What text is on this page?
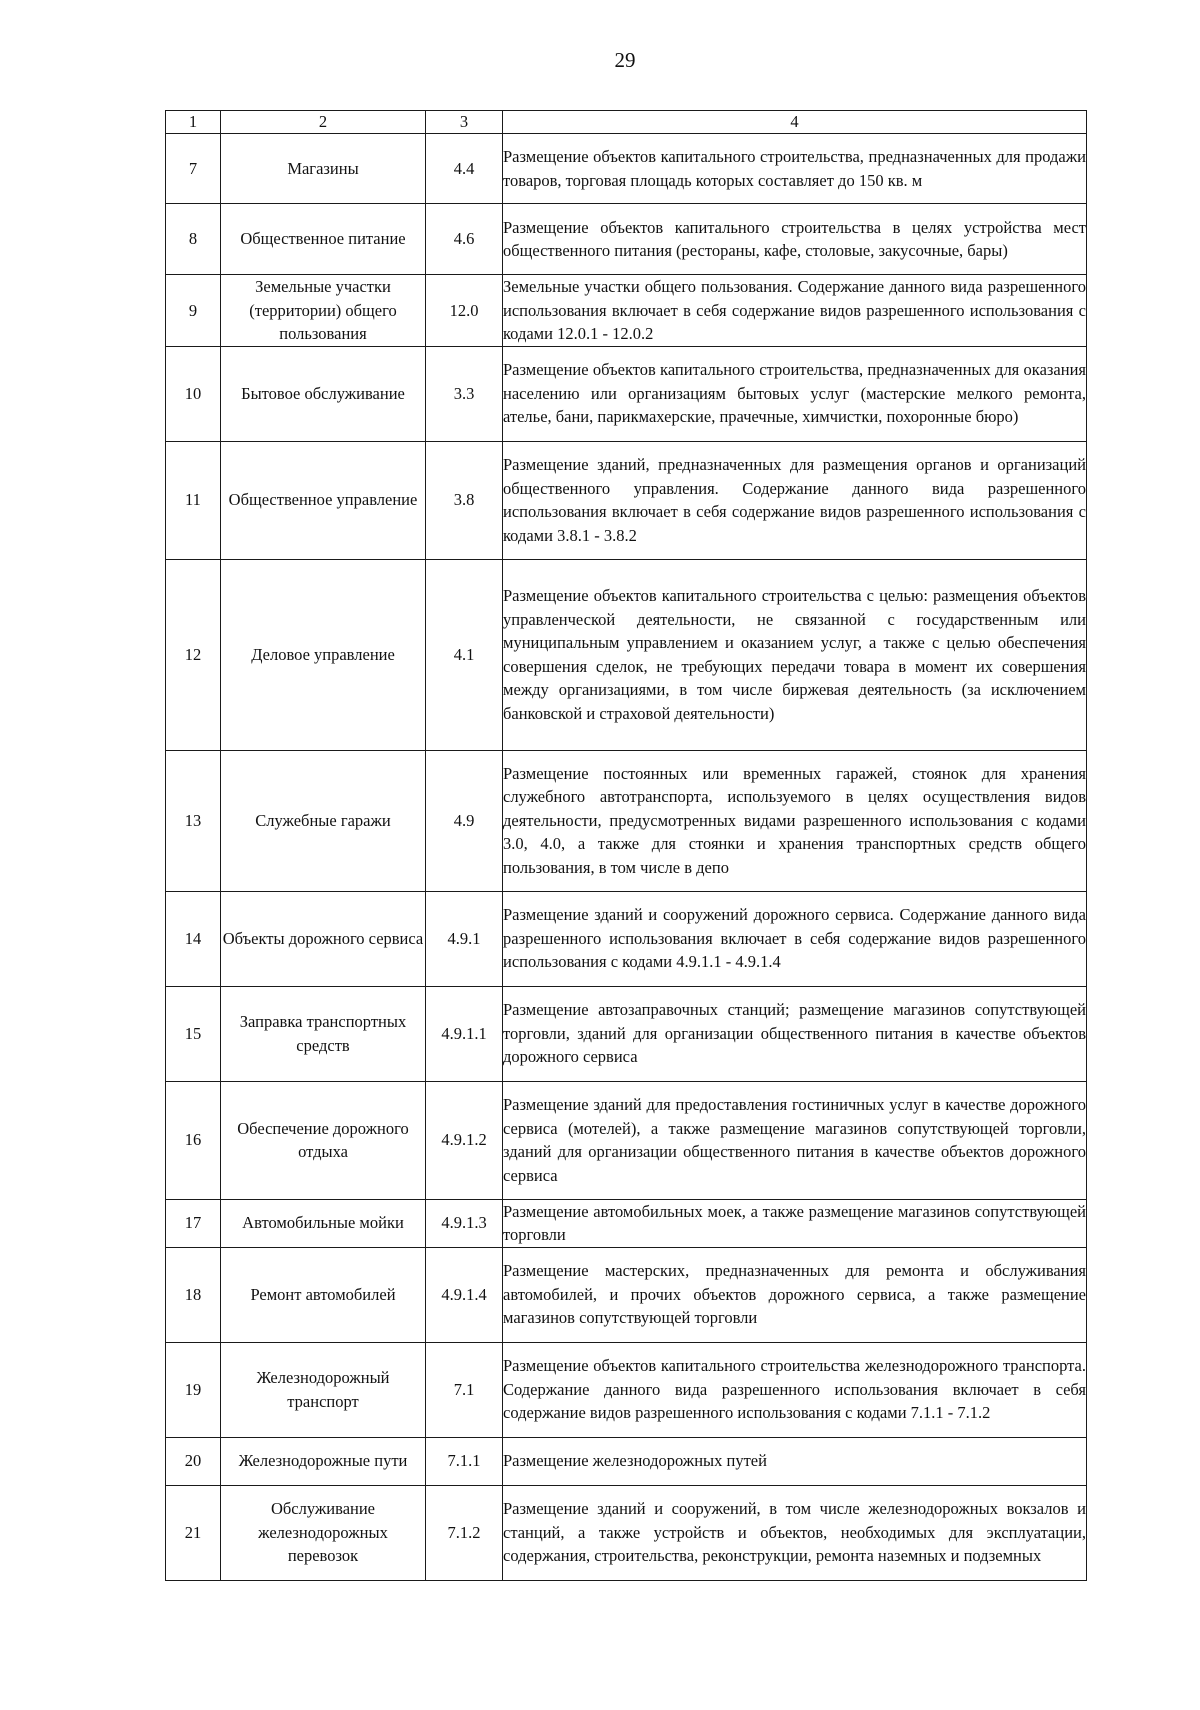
29
1	2	3	4
7	Магазины	4.4	Размещение объектов капитального строительства, предназначенных для продажи товаров, торговая площадь которых составляет до 150 кв. м
8	Общественное питание	4.6	Размещение объектов капитального строительства в целях устройства мест общественного питания (рестораны, кафе, столовые, закусочные, бары)
9	Земельные участки (территории) общего пользования	12.0	Земельные участки общего пользования. Содержание данного вида разрешенного использования включает в себя содержание видов разрешенного использования с кодами 12.0.1 - 12.0.2
10	Бытовое обслуживание	3.3	Размещение объектов капитального строительства, предназначенных для оказания населению или организациям бытовых услуг (мастерские мелкого ремонта, ателье, бани, парикмахерские, прачечные, химчистки, похоронные бюро)
11	Общественное управление	3.8	Размещение зданий, предназначенных для размещения органов и организаций общественного управления. Содержание данного вида разрешенного использования включает в себя содержание видов разрешенного использования с кодами 3.8.1 - 3.8.2
12	Деловое управление	4.1	Размещение объектов капитального строительства с целью: размещения объектов управленческой деятельности, не связанной с государственным или муниципальным управлением и оказанием услуг, а также с целью обеспечения совершения сделок, не требующих передачи товара в момент их совершения между организациями, в том числе биржевая деятельность (за исключением банковской и страховой деятельности)
13	Служебные гаражи	4.9	Размещение постоянных или временных гаражей, стоянок для хранения служебного автотранспорта, используемого в целях осуществления видов деятельности, предусмотренных видами разрешенного использования с кодами 3.0, 4.0, а также для стоянки и хранения транспортных средств общего пользования, в том числе в депо
14	Объекты дорожного сервиса	4.9.1	Размещение зданий и сооружений дорожного сервиса. Содержание данного вида разрешенного использования включает в себя содержание видов разрешенного использования с кодами 4.9.1.1 - 4.9.1.4
15	Заправка транспортных средств	4.9.1.1	Размещение автозаправочных станций; размещение магазинов сопутствующей торговли, зданий для организации общественного питания в качестве объектов дорожного сервиса
16	Обеспечение дорожного отдыха	4.9.1.2	Размещение зданий для предоставления гостиничных услуг в качестве дорожного сервиса (мотелей), а также размещение магазинов сопутствующей торговли, зданий для организации общественного питания в качестве объектов дорожного сервиса
17	Автомобильные мойки	4.9.1.3	Размещение автомобильных моек, а также размещение магазинов сопутствующей торговли
18	Ремонт автомобилей	4.9.1.4	Размещение мастерских, предназначенных для ремонта и обслуживания автомобилей, и прочих объектов дорожного сервиса, а также размещение магазинов сопутствующей торговли
19	Железнодорожный транспорт	7.1	Размещение объектов капитального строительства железнодорожного транспорта. Содержание данного вида разрешенного использования включает в себя содержание видов разрешенного использования с кодами 7.1.1 - 7.1.2
20	Железнодорожные пути	7.1.1	Размещение железнодорожных путей
21	Обслуживание железнодорожных перевозок	7.1.2	Размещение зданий и сооружений, в том числе железнодорожных вокзалов и станций, а также устройств и объектов, необходимых для эксплуатации, содержания, строительства, реконструкции, ремонта наземных и подземных
